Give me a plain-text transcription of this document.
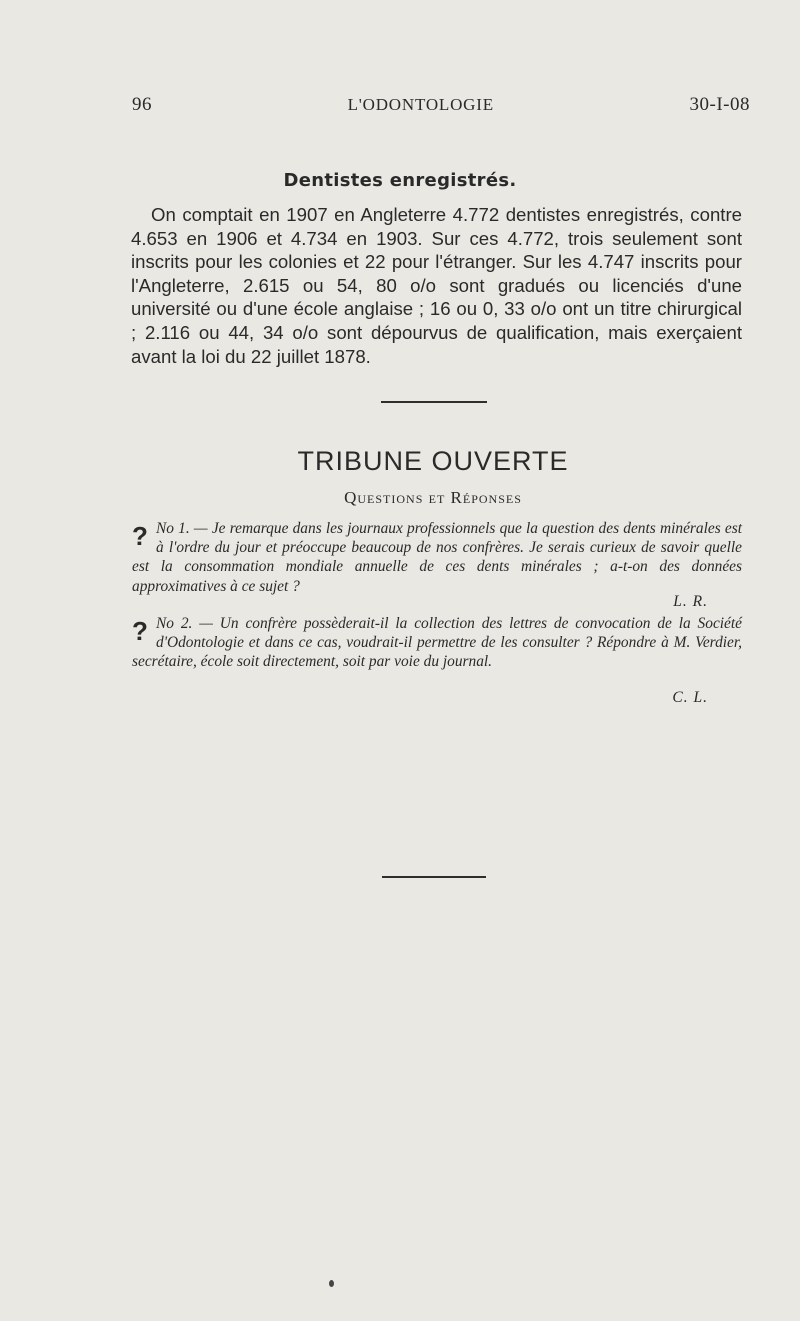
96	L'ODONTOLOGIE	30-I-08
Dentistes enregistrés.

On comptait en 1907 en Angleterre 4.772 dentistes enregistrés, contre 4.653 en 1906 et 4.734 en 1903. Sur ces 4.772, trois seulement sont inscrits pour les colonies et 22 pour l'étranger. Sur les 4.747 inscrits pour l'Angleterre, 2.615 ou 54, 80 o/o sont gradués ou licenciés d'une université ou d'une école anglaise ; 16 ou 0, 33 o/o ont un titre chirurgical ; 2.116 ou 44, 34 o/o sont dépourvus de qualification, mais exerçaient avant la loi du 22 juillet 1878.

TRIBUNE OUVERTE
Questions et Réponses

? No 1. — Je remarque dans les journaux professionnels que la question des dents minérales est à l'ordre du jour et préoccupe beaucoup de nos confrères. Je serais curieux de savoir quelle est la consommation mondiale annuelle de ces dents minérales ; a-t-on des données approximatives à ce sujet ?

L. R.

? No 2. — Un confrère possèderait-il la collection des lettres de convocation de la Société d'Odontologie et dans ce cas, voudrait-il permettre de les consulter ? Répondre à M. Verdier, secrétaire, école soit directement, soit par voie du journal.

C. L.
